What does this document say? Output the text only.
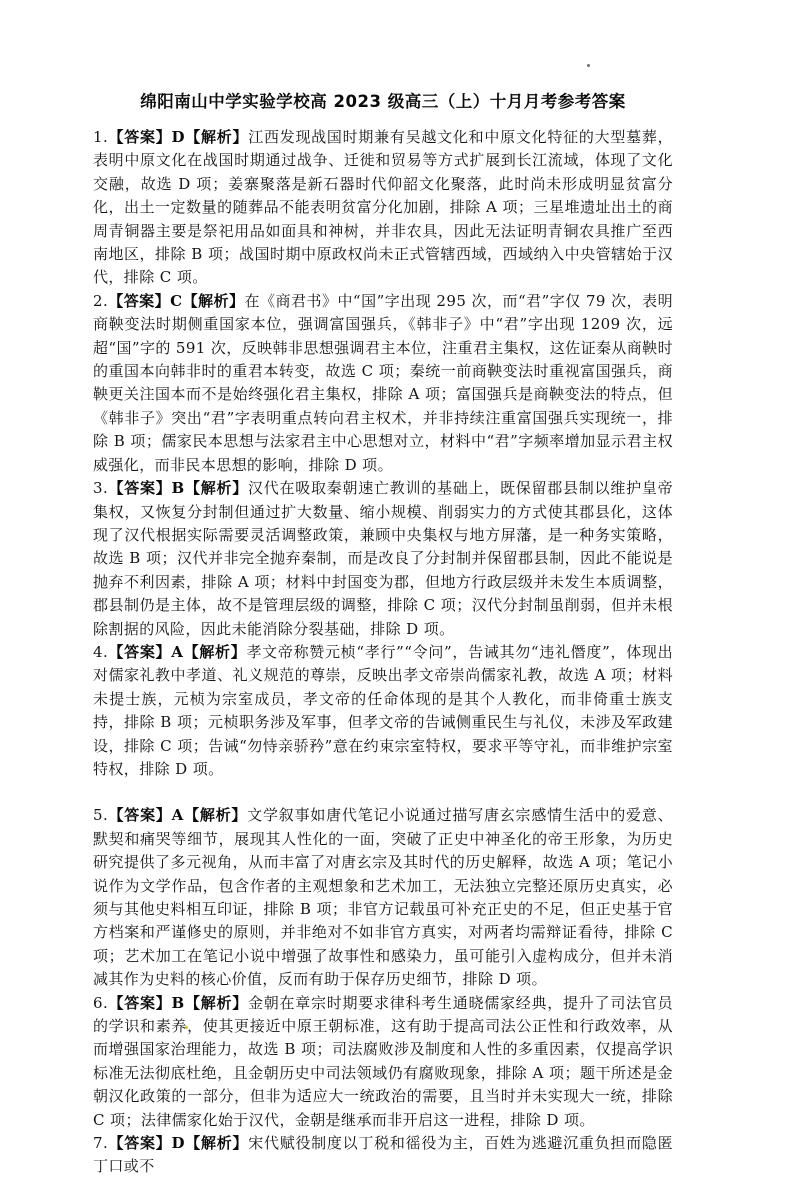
绵阳南山中学实验学校高 2023 级高三（上）十月月考参考答案

1.【答案】D【解析】江西发现战国时期兼有吴越文化和中原文化特征的大型墓葬，表明中原文化在战国时期通过战争、迁徙和贸易等方式扩展到长江流域，体现了文化交融，故选 D 项；姜寨聚落是新石器时代仰韶文化聚落，此时尚未形成明显贫富分化，出土一定数量的随葬品不能表明贫富分化加剧，排除 A 项；三星堆遗址出土的商周青铜器主要是祭祀用品如面具和神树，并非农具，因此无法证明青铜农具推广至西南地区，排除 B 项；战国时期中原政权尚未正式管辖西域，西域纳入中央管辖始于汉代，排除 C 项。

2.【答案】C【解析】在《商君书》中“国”字出现 295 次，而“君”字仅 79 次，表明商鞅变法时期侧重国家本位，强调富国强兵，《韩非子》中“君”字出现 1209 次，远超“国”字的 591 次，反映韩非思想强调君主本位，注重君主集权，这佐证秦从商鞅时的重国本向韩非时的重君本转变，故选 C 项；秦统一前商鞅变法时重视富国强兵，商鞅更关注国本而不是始终强化君主集权，排除 A 项；富国强兵是商鞅变法的特点，但《韩非子》突出“君”字表明重点转向君主权术，并非持续注重富国强兵实现统一，排除 B 项；儒家民本思想与法家君主中心思想对立，材料中“君”字频率增加显示君主权威强化，而非民本思想的影响，排除 D 项。

3.【答案】B【解析】汉代在吸取秦朝速亡教训的基础上，既保留郡县制以维护皇帝集权，又恢复分封制但通过扩大数量、缩小规模、削弱实力的方式使其郡县化，这体现了汉代根据实际需要灵活调整政策，兼顾中央集权与地方屏藩，是一种务实策略，故选 B 项；汉代并非完全抛弃秦制，而是改良了分封制并保留郡县制，因此不能说是抛弃不利因素，排除 A 项；材料中封国变为郡，但地方行政层级并未发生本质调整，郡县制仍是主体，故不是管理层级的调整，排除 C 项；汉代分封制虽削弱，但并未根除割据的风险，因此未能消除分裂基础，排除 D 项。

4.【答案】A【解析】孝文帝称赞元桢“孝行”“令问”，告诫其勿“违礼僭度”，体现出对儒家礼教中孝道、礼义规范的尊崇，反映出孝文帝崇尚儒家礼教，故选 A 项；材料未提士族，元桢为宗室成员，孝文帝的任命体现的是其个人教化，而非倚重士族支持，排除 B 项；元桢职务涉及军事，但孝文帝的告诫侧重民生与礼仪，未涉及军政建设，排除 C 项；告诫“勿恃亲骄矜”意在约束宗室特权，要求平等守礼，而非维护宗室特权，排除 D 项。

5.【答案】A【解析】文学叙事如唐代笔记小说通过描写唐玄宗感情生活中的爱意、默契和痛哭等细节，展现其人性化的一面，突破了正史中神圣化的帝王形象，为历史研究提供了多元视角，从而丰富了对唐玄宗及其时代的历史解释，故选 A 项；笔记小说作为文学作品，包含作者的主观想象和艺术加工，无法独立完整还原历史真实，必须与其他史料相互印证，排除 B 项；非官方记载虽可补充正史的不足，但正史基于官方档案和严谨修史的原则，并非绝对不如非官方真实，对两者均需辩证看待，排除 C 项；艺术加工在笔记小说中增强了故事性和感染力，虽可能引入虚构成分，但并未消减其作为史料的核心价值，反而有助于保存历史细节，排除 D 项。

6.【答案】B【解析】金朝在章宗时期要求律科考生通晓儒家经典，提升了司法官员的学识和素养，使其更接近中原王朝标准，这有助于提高司法公正性和行政效率，从而增强国家治理能力，故选 B 项；司法腐败涉及制度和人性的多重因素，仅提高学识标准无法彻底杜绝，且金朝历史中司法领域仍有腐败现象，排除 A 项；题干所述是金朝汉化政策的一部分，但非为适应大一统政治的需要，且当时并未实现大一统，排除 C 项；法律儒家化始于汉代，金朝是继承而非开启这一进程，排除 D 项。

7.【答案】D【解析】宋代赋役制度以丁税和徭役为主，百姓为逃避沉重负担而隐匿丁口或不
